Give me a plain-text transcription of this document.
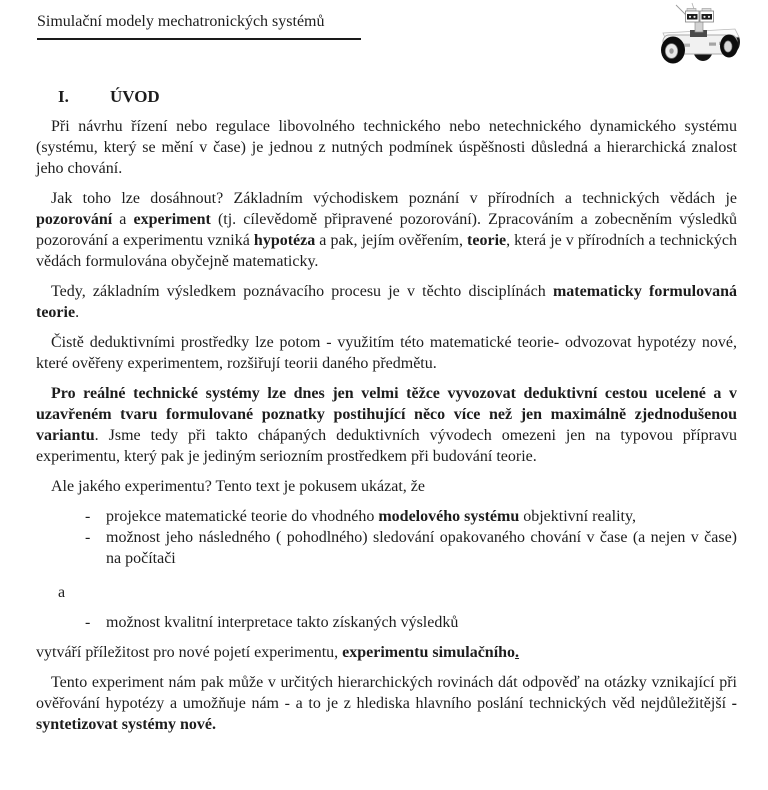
Simulační modely mechatronických systémů
I. ÚVOD

Při návrhu řízení nebo regulace libovolného technického nebo netechnického dynamického systému (systému, který se mění v čase) je jednou z nutných podmínek úspěšnosti důsledná a hierarchická znalost jeho chování.

Jak toho lze dosáhnout? Základním východiskem poznání v přírodních a technických vědách je pozorování a experiment (tj. cílevědomě připravené pozorování). Zpracováním a zobecněním výsledků pozorování a experimentu vzniká hypotéza a pak, jejím ověřením, teorie, která je v přírodních a technických vědách formulována obyčejně matematicky.

Tedy, základním výsledkem poznávacího procesu je v těchto disciplínách matematicky formulovaná teorie.

Čistě deduktivními prostředky lze potom - využitím této matematické teorie- odvozovat hypotézy nové, které ověřeny experimentem, rozšiřují teorii daného předmětu.

Pro reálné technické systémy lze dnes jen velmi těžce vyvozovat deduktivní cestou ucelené a v uzavřeném tvaru formulované poznatky postihující něco více než jen maximálně zjednodušenou variantu. Jsme tedy při takto chápaných deduktivních vývodech omezeni jen na typovou přípravu experimentu, který pak je jediným seriozním prostředkem při budování teorie.

Ale jakého experimentu? Tento text je pokusem ukázat, že

- projekce matematické teorie do vhodného modelového systému objektivní reality,

- možnost jeho následného ( pohodlného) sledování opakovaného chování v čase (a nejen v čase) na počítači

a

- možnost kvalitní interpretace takto získaných výsledků

vytváří příležitost pro nové pojetí experimentu, experimentu simulačního.

Tento experiment nám pak může v určitých hierarchických rovinách dát odpověď na otázky vznikající při ověřování hypotézy a umožňuje nám - a to je z hlediska hlavního poslání technických věd nejdůležitější - syntetizovat systémy nové.
